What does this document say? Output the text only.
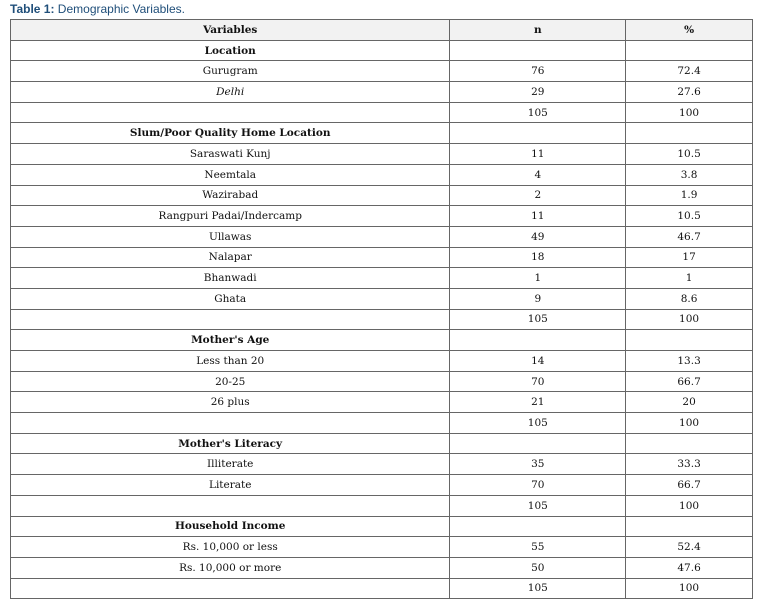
Table 1: Demographic Variables.
Variables	n	%
Location		
Gurugram	76	72.4
Delhi	29	27.6
	105	100
Slum/Poor Quality Home Location		
Saraswati Kunj	11	10.5
Neemtala	4	3.8
Wazirabad	2	1.9
Rangpuri Padai/Indercamp	11	10.5
Ullawas	49	46.7
Nalapar	18	17
Bhanwadi	1	1
Ghata	9	8.6
	105	100
Mother's Age		
Less than 20	14	13.3
20-25	70	66.7
26 plus	21	20
	105	100
Mother's Literacy		
Illiterate	35	33.3
Literate	70	66.7
	105	100
Household Income		
Rs. 10,000 or less	55	52.4
Rs. 10,000 or more	50	47.6
	105	100
